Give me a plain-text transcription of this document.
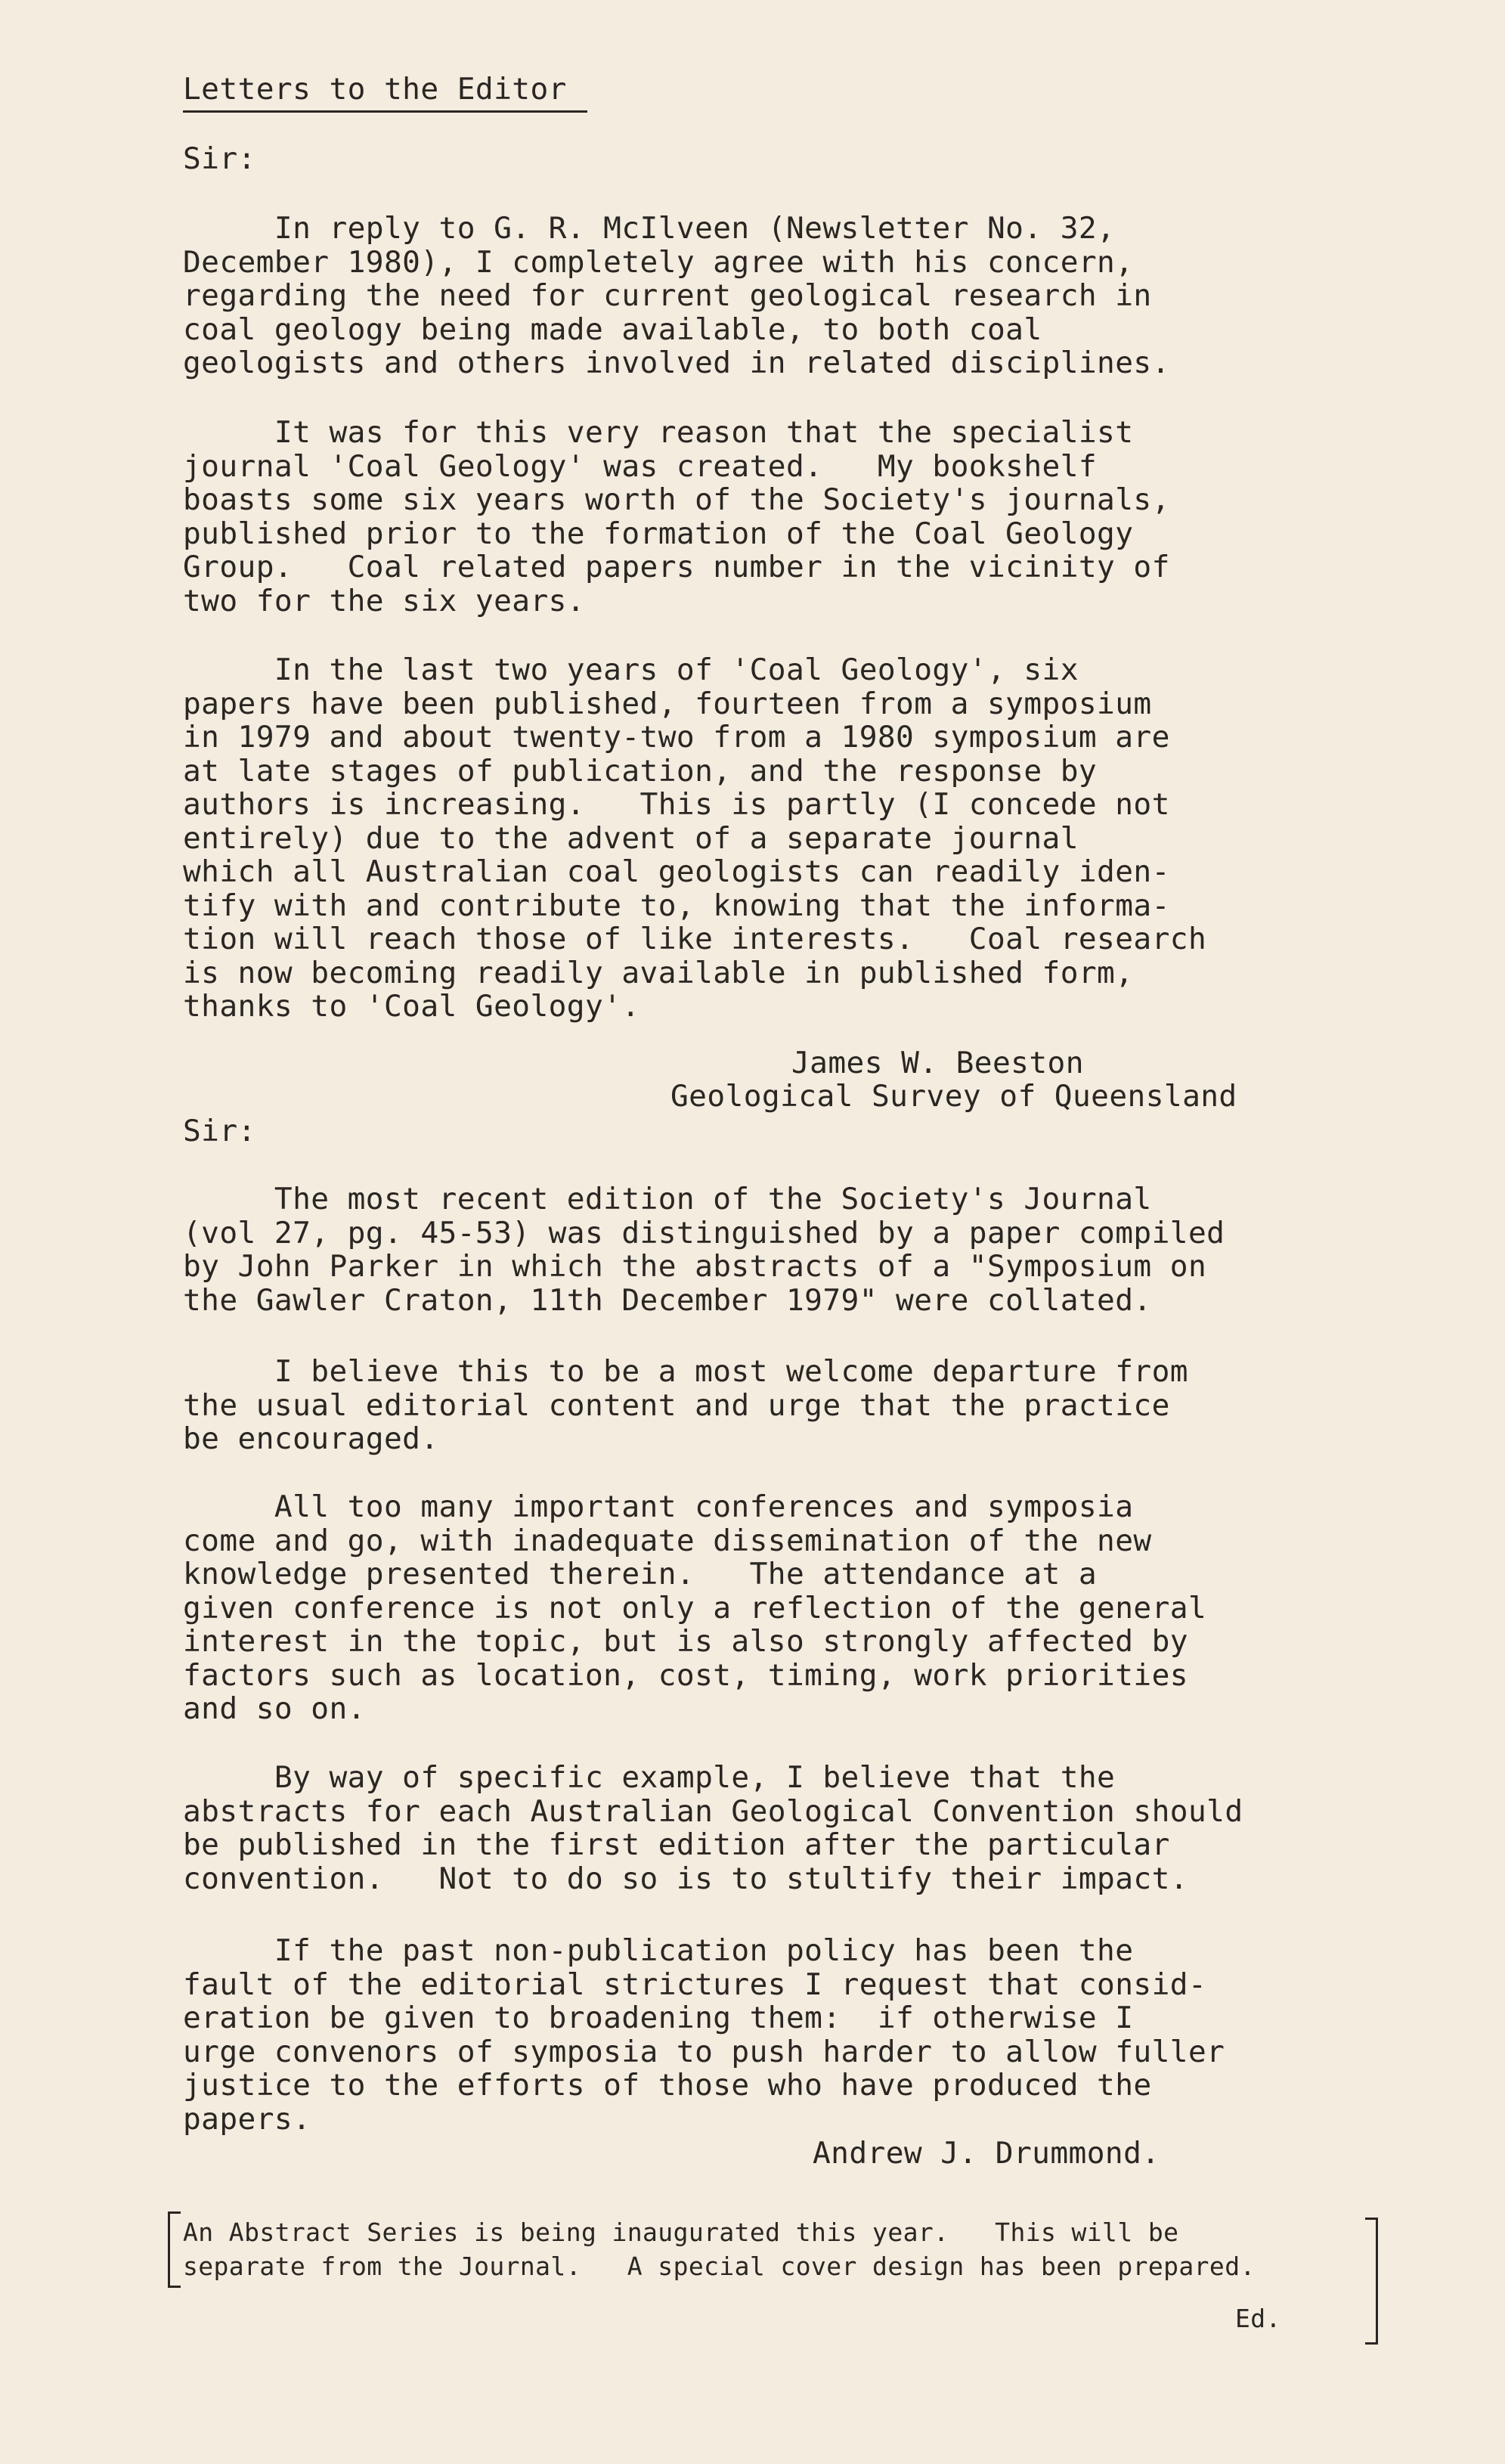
Letters to the Editor
Sir:
In reply to G. R. McIlveen (Newsletter No. 32,
December 1980), I completely agree with his concern,
regarding the need for current geological research in
coal geology being made available, to both coal
geologists and others involved in related disciplines.
It was for this very reason that the specialist
journal 'Coal Geology' was created.   My bookshelf
boasts some six years worth of the Society's journals,
published prior to the formation of the Coal Geology
Group.   Coal related papers number in the vicinity of
two for the six years.
In the last two years of 'Coal Geology', six
papers have been published, fourteen from a symposium
in 1979 and about twenty-two from a 1980 symposium are
at late stages of publication, and the response by
authors is increasing.   This is partly (I concede not
entirely) due to the advent of a separate journal
which all Australian coal geologists can readily iden-
tify with and contribute to, knowing that the informa-
tion will reach those of like interests.   Coal research
is now becoming readily available in published form,
thanks to 'Coal Geology'.
James W. Beeston
Geological Survey of Queensland
Sir:
The most recent edition of the Society's Journal
(vol 27, pg. 45-53) was distinguished by a paper compiled
by John Parker in which the abstracts of a "Symposium on
the Gawler Craton, 11th December 1979" were collated.
I believe this to be a most welcome departure from
the usual editorial content and urge that the practice
be encouraged.
All too many important conferences and symposia
come and go, with inadequate dissemination of the new
knowledge presented therein.   The attendance at a
given conference is not only a reflection of the general
interest in the topic, but is also strongly affected by
factors such as location, cost, timing, work priorities
and so on.
By way of specific example, I believe that the
abstracts for each Australian Geological Convention should
be published in the first edition after the particular
convention.   Not to do so is to stultify their impact.
If the past non-publication policy has been the
fault of the editorial strictures I request that consid-
eration be given to broadening them:  if otherwise I
urge convenors of symposia to push harder to allow fuller
justice to the efforts of those who have produced the
papers.
Andrew J. Drummond.
An Abstract Series is being inaugurated this year.   This will be
separate from the Journal.   A special cover design has been prepared.
Ed.
